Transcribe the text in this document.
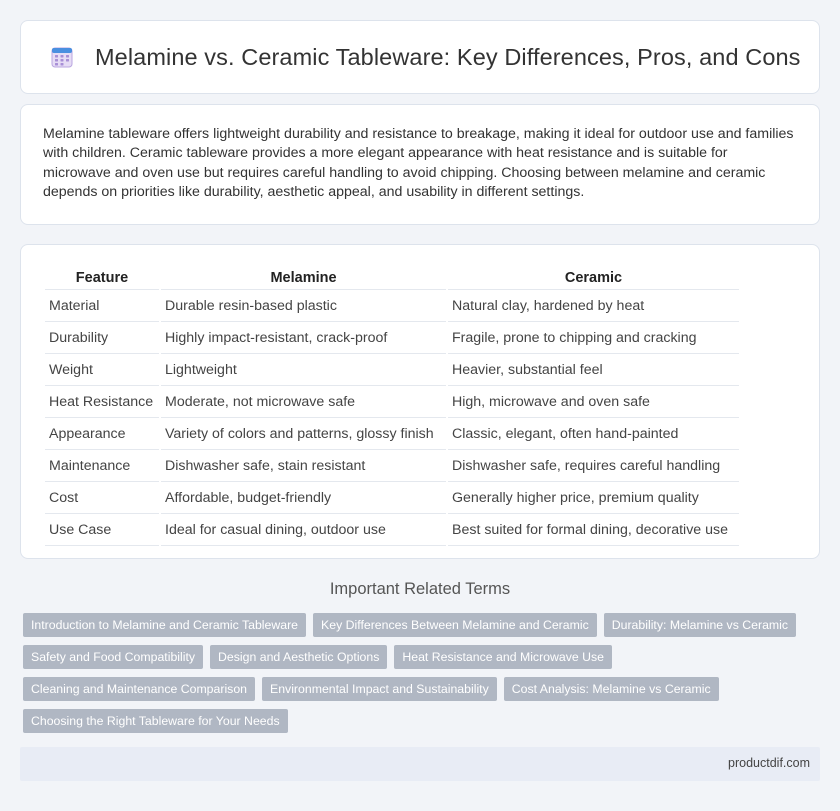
Melamine vs. Ceramic Tableware: Key Differences, Pros, and Cons

Melamine tableware offers lightweight durability and resistance to breakage, making it ideal for outdoor use and families with children. Ceramic tableware provides a more elegant appearance with heat resistance and is suitable for microwave and oven use but requires careful handling to avoid chipping. Choosing between melamine and ceramic depends on priorities like durability, aesthetic appeal, and usability in different settings.

Feature	Melamine	Ceramic
Material	Durable resin-based plastic	Natural clay, hardened by heat
Durability	Highly impact-resistant, crack-proof	Fragile, prone to chipping and cracking
Weight	Lightweight	Heavier, substantial feel
Heat Resistance	Moderate, not microwave safe	High, microwave and oven safe
Appearance	Variety of colors and patterns, glossy finish	Classic, elegant, often hand-painted
Maintenance	Dishwasher safe, stain resistant	Dishwasher safe, requires careful handling
Cost	Affordable, budget-friendly	Generally higher price, premium quality
Use Case	Ideal for casual dining, outdoor use	Best suited for formal dining, decorative use
Important Related Terms
Introduction to Melamine and Ceramic Tableware	Key Differences Between Melamine and Ceramic	Durability: Melamine vs Ceramic
Safety and Food Compatibility	Design and Aesthetic Options	Heat Resistance and Microwave Use
Cleaning and Maintenance Comparison	Environmental Impact and Sustainability	Cost Analysis: Melamine vs Ceramic
Choosing the Right Tableware for Your Needs
productdif.com
